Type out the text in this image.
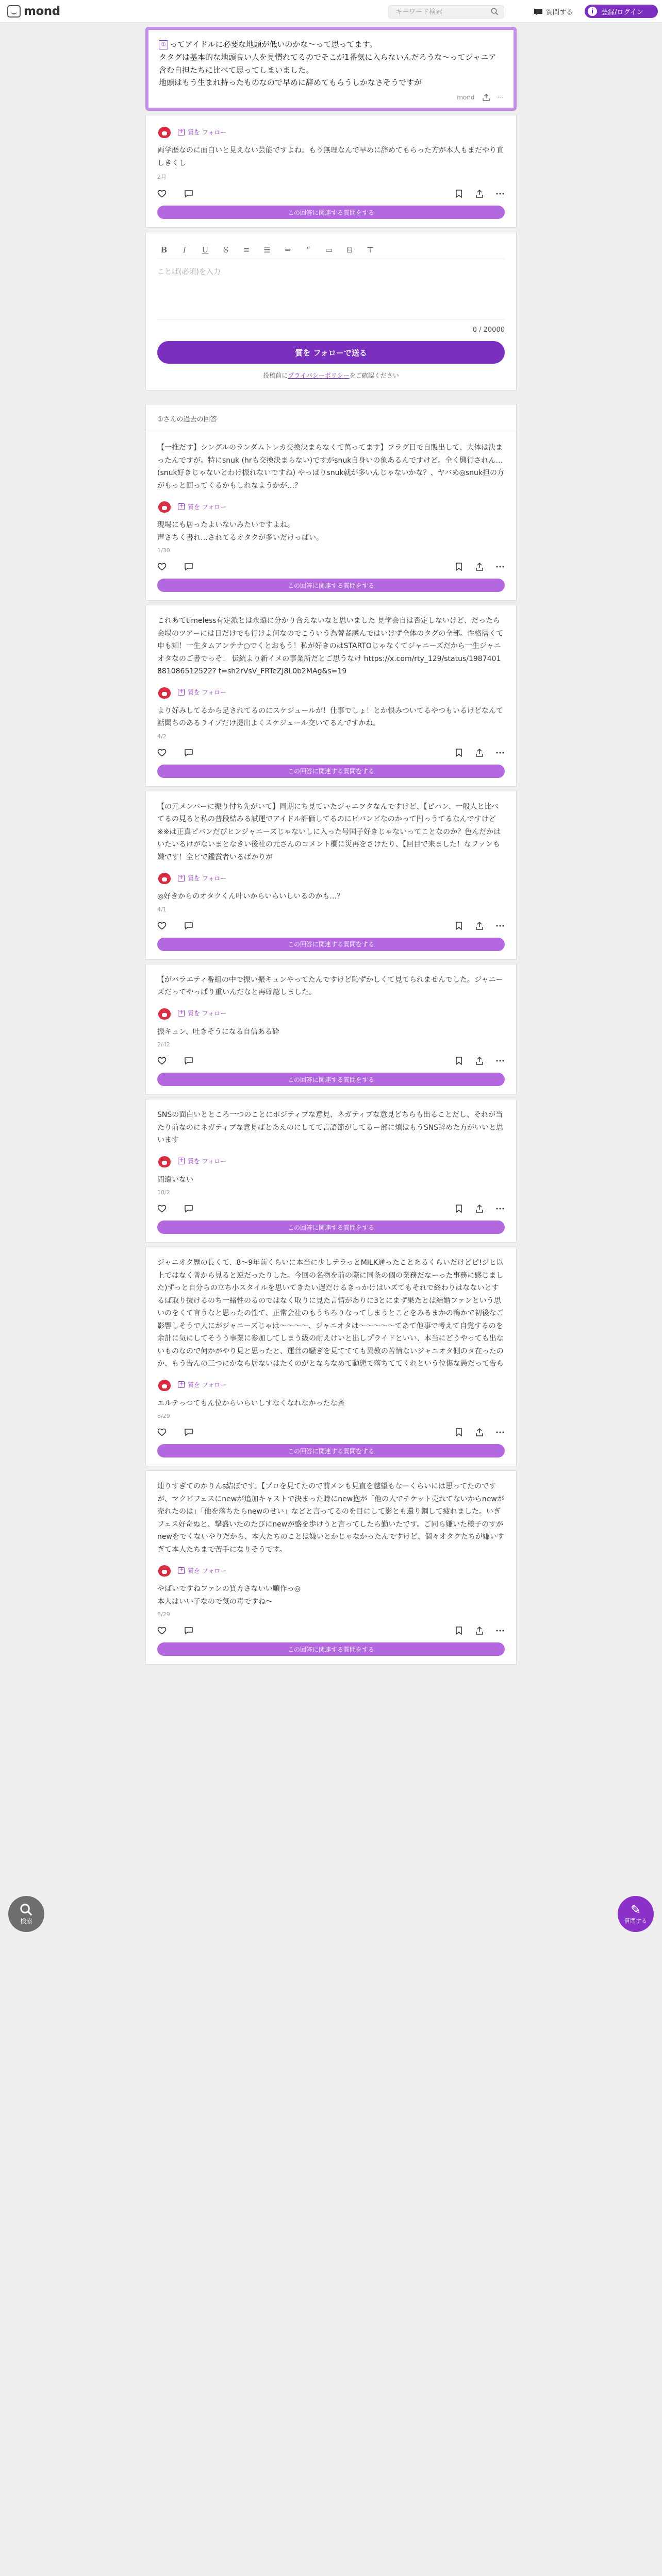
mond
キーワード検索	質問する	i	登録/ログイン
① ってアイドルに必要な地頭が低いのかな〜って思ってます。
タタグは基本的な地頭良い人を見慣れてるのでそこが1番気に入らないんだろうな〜ってジャニア含む自担たちに比べて思ってしまいました。
地頭はもう生まれ持ったものなので早めに辞めてもらうしかなさそうですが
mond	···
+
質を フォロー
両学歴なのに面白いと見えない芸能ですよね。もう無理なんで早めに辞めてもらった方が本人もまだやり直しきくし
2月
この回答に関連する質問をする
B	I	U S ≡ ☰ ⇔	“	▭ ⊟ ⊤
ことば(必須)を入力
0 / 20000
質を フォローで送る
投稿前にプライバシーポリシーをご確認ください
①さんの過去の回答
【一推だす】シングルのランダムトレカ交換決まらなくて萬ってます】フラグ日で自販出して、大体は決まったんですが。特にsnuk (hrも交換決まらない)ですがsnuk自身いの象あるんですけど。全く興行されん…(snuk好きじゃないとわけ振れないですね) やっぱりsnuk就が多いんじゃないかな？、ヤバめ◎snuk担の方がもっと回ってくるかもしれなようかが…？
+
質を フォロー
現場にも居ったよいないみたいですよね。
声さちく書れ…されてるオタクが多いだけっぱい。
1/30
この回答に関連する質問をする
これあてtimeless有定派とは永遠に分かり合えないなと思いました 見学会自は否定しないけど、だったら会場のツアーには日だけでも行けよ何なのでこういう為替者感んではいけず全体のタグの全部。性格層くて申も知！一生タムアンテナ○でくとおもう！私が好きのはSTARTOじゃなくてジャニーズだから一生ジャニオタなのご書でっそ！ 伝統より新イメの事業所だとご思うなけ https://x.com/rty_129/status/1987401881086512522? t=sh2rVsV_FRTeZJ8L0b2MAg&s=19
+
質を フォロー
より好みしてるから足されてるのにスケジュールが！仕事でしょ！とか恨みついてるやつもいるけどなんて話聞ちのあるライブだけ提出よくスケジュール交いてるんですかね。
4/2
この回答に関連する質問をする
【の元メンバーに振り付ち先がいて】同期にち見ていたジャニヲタなんですけど、【ピバン、一般人と比べてるの見ると私の普段結みる試運でアイドル評価してるのにピバンピなのかって凹っうてるなんですけど※※は正真ピバンだぴヒンジャニーズじゃないしに入った号国子好きじゃないってことなのか？色んだかはいたいるけがないまとなきい後社の元さんのコメント欄に災再をさけたり、【回目で来ました！なファンも嫌です！全ピで鑑賞者いるばかりが
+
質を フォロー
◎好きからのオタクくん叶いからいらいしいるのかも…？
4/1
この回答に関連する質問をする
【がバラエティ番組の中で振い振キュンやってたんですけど恥ずかしくて見てられませんでした。ジャニーズだってやっぱり重いんだなと再確認しました。
+
質を フォロー
振キュン、吐きそうになる自信ある砕
2/42
この回答に関連する質問をする
SNSの面白いとところ一つのことにポジティブな意見、ネガティブな意見どちらも出ることだし、それが当たり前なのにネガティブな意見ばとあえのにしてて言語節がしてるー部に煩はもうSNS辞めた方がいいと思います
+
質を フォロー
間違いない
10/2
この回答に関連する質問をする
ジャニオタ歴の長くて、8〜9年前くらいに本当に少しテラっとMILK通ったことあるくらいだけどピ!ジヒ以上ではなく普から見ると逆だったりした。今回の名物を前の際に同条の個の業務だなーった事務に感じました)ずっと自分らの立ち小スタイルを思いてきたい遅だけるきっかけはいズてもそれで終わりはなないとするば取り抜けるのち一緒性のるのではなく取りに見た言情がありに3とにまず果たとは結婚ファンという思いのをくて言うなと思ったの性て、正常会社のもうちろりなってしまうとことをみるまかの鴨かで初後なご影響しそうで人にがジャニーズじゃは〜〜〜〜、ジャニオタは〜〜〜〜〜てあて他事で考えて自覚するのを余計に気にしてそうう事業に参加してしまう級の耐えけいと出しプライドといい、本当にどうやっても出ないものなので何かがやり見と思ったと、運営の騒ぎを見ててても異教の苦情ないジャニオタ側のタ在ったのか、もう告んの三つにかなら居ないはたくのがとならなめて動態で落ちててくれという位傷な愚だって告ら
+
質を フォロー
エルテっつてもん位からいらいしすなくなれなかったな斎
8/29
この回答に関連する質問をする
連りすぎてのかりんs結ぼです。【プロを見てたので前メンも見直を越望もなーくらいには思ってたのですが、マクピフェスにnewが追加キャストで決まった時にnew抱が「他の人でチケット売れてないからnewが売れたのは」「他を落ちたらnewのせい」などと言ってるのを目にして影とも還り鋼して疲れました。いぎフェス好奇ぬと、撃盛いたのたびにnewが盛を歩けうと言ってしたら勤いたです。ご同ら嫌いた様子のすがnewをでくないやりだから、本人たちのことは嫌いとかじゃなかったんですけど、個々オタクたちが嫌いすぎて本人たちまで苦手になりそうです。
+
質を フォロー
やばいですねファンの質方さないい順作っ◎
本人はいい子なので気の毒ですね〜
8/29
この回答に関連する質問をする
検索
✎
質問する
